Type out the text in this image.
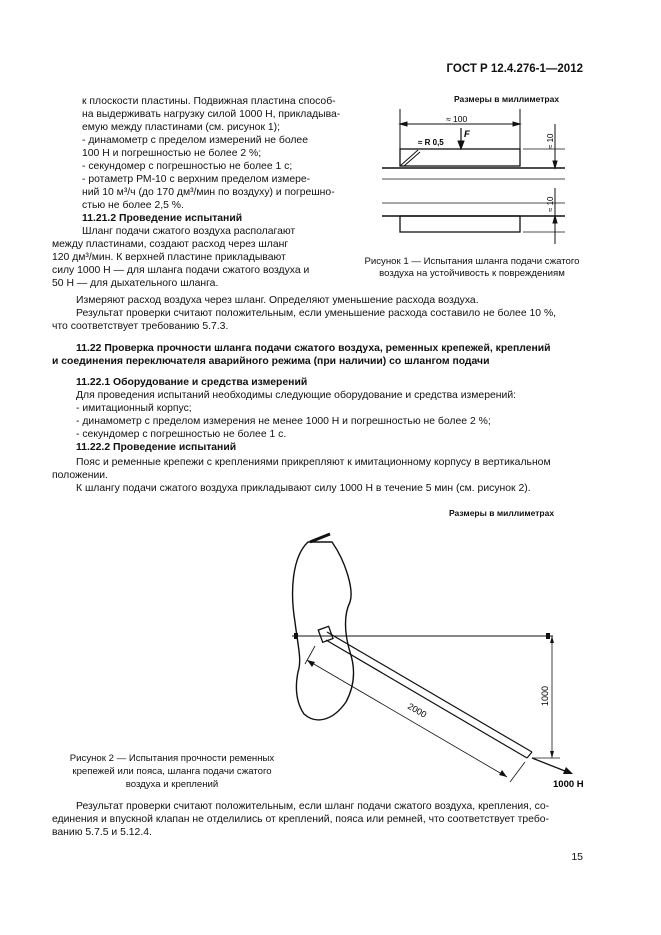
ГОСТ Р 12.4.276-1—2012
к плоскости пластины. Подвижная пластина способ-
на выдерживать нагрузку силой 1000 Н, прикладыва-
емую между пластинами (см. рисунок 1);
- динамометр с пределом измерений не более
100 Н и погрешностью не более 2 %;
- секундомер с погрешностью не более 1 с;
- ротаметр РМ-10 с верхним пределом измере-
ний 10 м³/ч (до 170 дм³/мин по воздуху) и погрешно-
стью не более 2,5 %.
11.21.2 Проведение испытаний
Шланг подачи сжатого воздуха располагают
между пластинами, создают расход через шланг
120 дм³/мин. К верхней пластине прикладывают
силу 1000 Н — для шланга подачи сжатого воздуха и
50 Н — для дыхательного шланга.
Размеры в миллиметрах
≈ 100
≈ R 0,5
F	≈ 10
≈ 10
Рисунок 1 — Испытания шланга подачи сжатого
воздуха на устойчивость к повреждениям
Измеряют расход воздуха через шланг. Определяют уменьшение расхода воздуха.
Результат проверки считают положительным, если уменьшение расхода составило не более 10 %,
что соответствует требованию 5.7.3.
11.22 Проверка прочности шланга подачи сжатого воздуха, ременных крепежей, креплений
и соединения переключателя аварийного режима (при наличии) со шлангом подачи
11.22.1 Оборудование и средства измерений
Для проведения испытаний необходимы следующие оборудование и средства измерений:
- имитационный корпус;
- динамометр с пределом измерения не менее 1000 Н и погрешностью не более 2 %;
- секундомер с погрешностью не более 1 с.
11.22.2 Проведение испытаний
Пояс и ременные крепежи с креплениями прикрепляют к имитационному корпусу в вертикальном
положении.
К шлангу подачи сжатого воздуха прикладывают силу 1000 Н в течение 5 мин (см. рисунок 2).
Размеры в миллиметрах
2000
1000
1000 Н
Рисунок 2 — Испытания прочности ременных
крепежей или пояса, шланга подачи сжатого
воздуха и креплений
Результат проверки считают положительным, если шланг подачи сжатого воздуха, крепления, со-
единения и впускной клапан не отделились от креплений, пояса или ремней, что соответствует требо-
ванию 5.7.5 и 5.12.4.
15
